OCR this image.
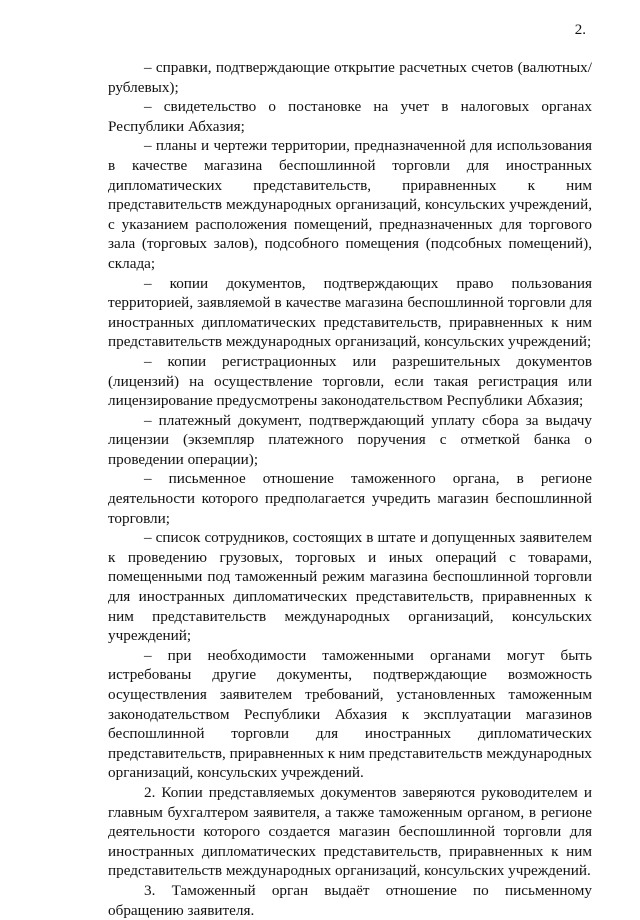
2.

– справки, подтверждающие открытие расчетных счетов (валютных/ рублевых);

– свидетельство о постановке на учет в налоговых органах Республики Абхазия;

– планы и чертежи территории, предназначенной для использования в качестве магазина беспошлинной торговли для иностранных дипломатических представительств, приравненных к ним представительств международных организаций, консульских учреждений, с указанием расположения помещений, предназначенных для торгового зала (торговых залов), подсобного помещения (подсобных помещений), склада;

– копии документов, подтверждающих право пользования территорией, заявляемой в качестве магазина беспошлинной торговли для иностранных дипломатических представительств, приравненных к ним представительств международных организаций, консульских учреждений;

– копии регистрационных или разрешительных документов (лицензий) на осуществление торговли, если такая регистрация или лицензирование предусмотрены законодательством Республики Абхазия;

– платежный документ, подтверждающий уплату сбора за выдачу лицензии (экземпляр платежного поручения с отметкой банка о проведении операции);

– письменное отношение таможенного органа, в регионе деятельности которого предполагается учредить магазин беспошлинной торговли;

– список сотрудников, состоящих в штате и допущенных заявителем к проведению грузовых, торговых и иных операций с товарами, помещенными под таможенный режим магазина беспошлинной торговли для иностранных дипломатических представительств, приравненных к ним представительств международных организаций, консульских учреждений;

– при необходимости таможенными органами могут быть истребованы другие документы, подтверждающие возможность осуществления заявителем требований, установленных таможенным законодательством Республики Абхазия к эксплуатации магазинов беспошлинной торговли для иностранных дипломатических представительств, приравненных к ним представительств международных организаций, консульских учреждений.

2. Копии представляемых документов заверяются руководителем и главным бухгалтером заявителя, а также таможенным органом, в регионе деятельности которого создается магазин беспошлинной торговли для иностранных дипломатических представительств, приравненных к ним представительств международных организаций, консульских учреждений.

3. Таможенный орган выдаёт отношение по письменному обращению заявителя.
